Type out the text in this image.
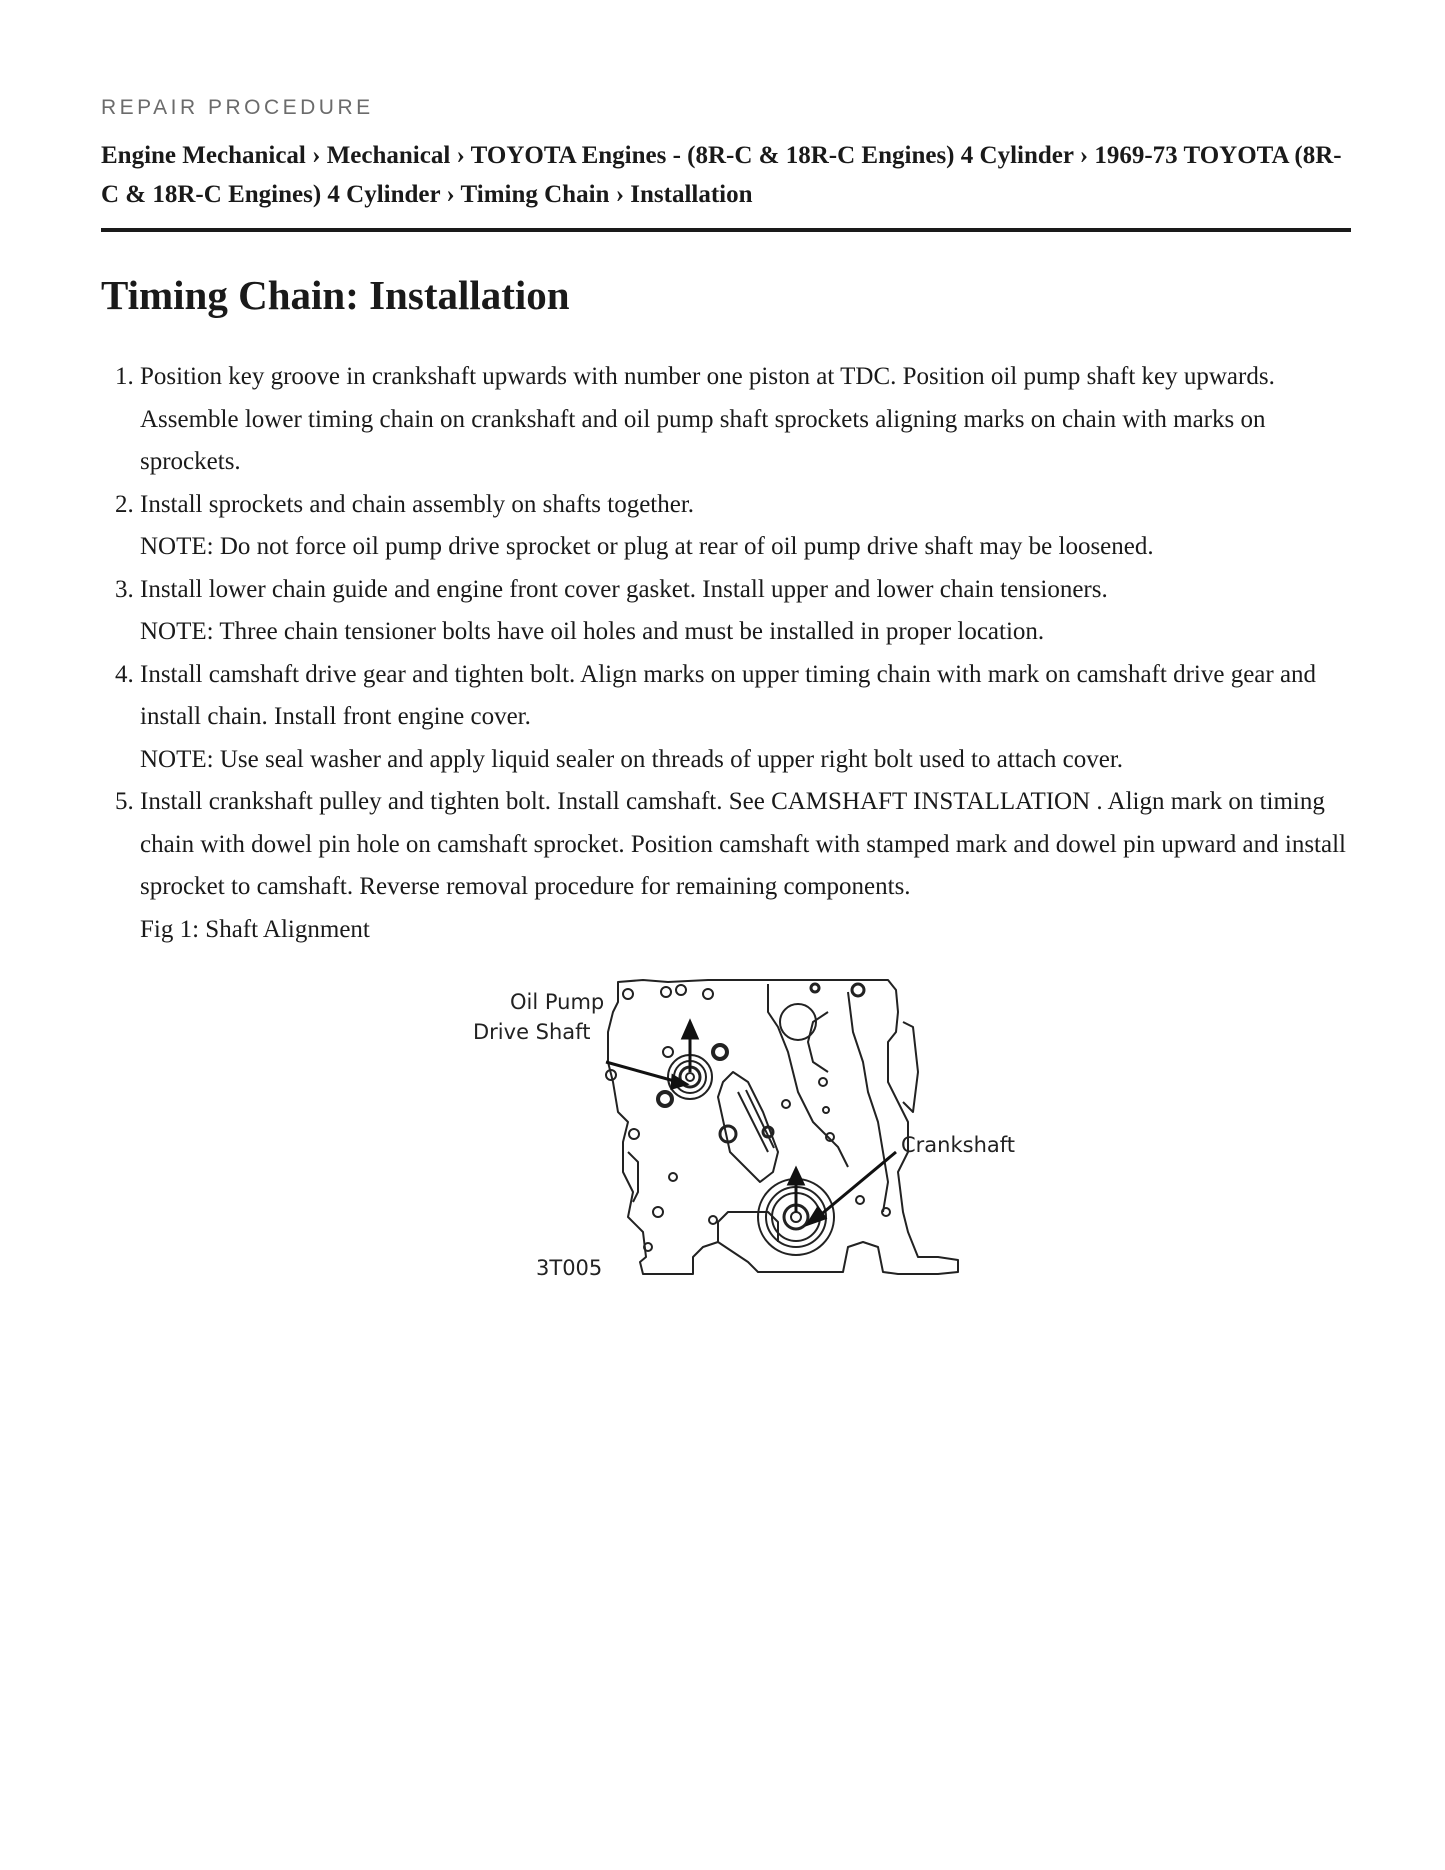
REPAIR PROCEDURE
Engine Mechanical › Mechanical › TOYOTA Engines - (8R-C & 18R-C Engines) 4 Cylinder › 1969-73 TOYOTA (8R-C & 18R-C Engines) 4 Cylinder › Timing Chain › Installation
Timing Chain: Installation
1. Position key groove in crankshaft upwards with number one piston at TDC. Position oil pump shaft key upwards. Assemble lower timing chain on crankshaft and oil pump shaft sprockets aligning marks on chain with marks on sprockets.
2. Install sprockets and chain assembly on shafts together.
NOTE: Do not force oil pump drive sprocket or plug at rear of oil pump drive shaft may be loosened.
3. Install lower chain guide and engine front cover gasket. Install upper and lower chain tensioners.
NOTE: Three chain tensioner bolts have oil holes and must be installed in proper location.
4. Install camshaft drive gear and tighten bolt. Align marks on upper timing chain with mark on camshaft drive gear and install chain. Install front engine cover.
NOTE: Use seal washer and apply liquid sealer on threads of upper right bolt used to attach cover.
5. Install crankshaft pulley and tighten bolt. Install camshaft. See CAMSHAFT INSTALLATION . Align mark on timing chain with dowel pin hole on camshaft sprocket. Position camshaft with stamped mark and dowel pin upward and install sprocket to camshaft. Reverse removal procedure for remaining components.
Fig 1: Shaft Alignment
Oil Pump
Drive Shaft
Crankshaft
3T005
